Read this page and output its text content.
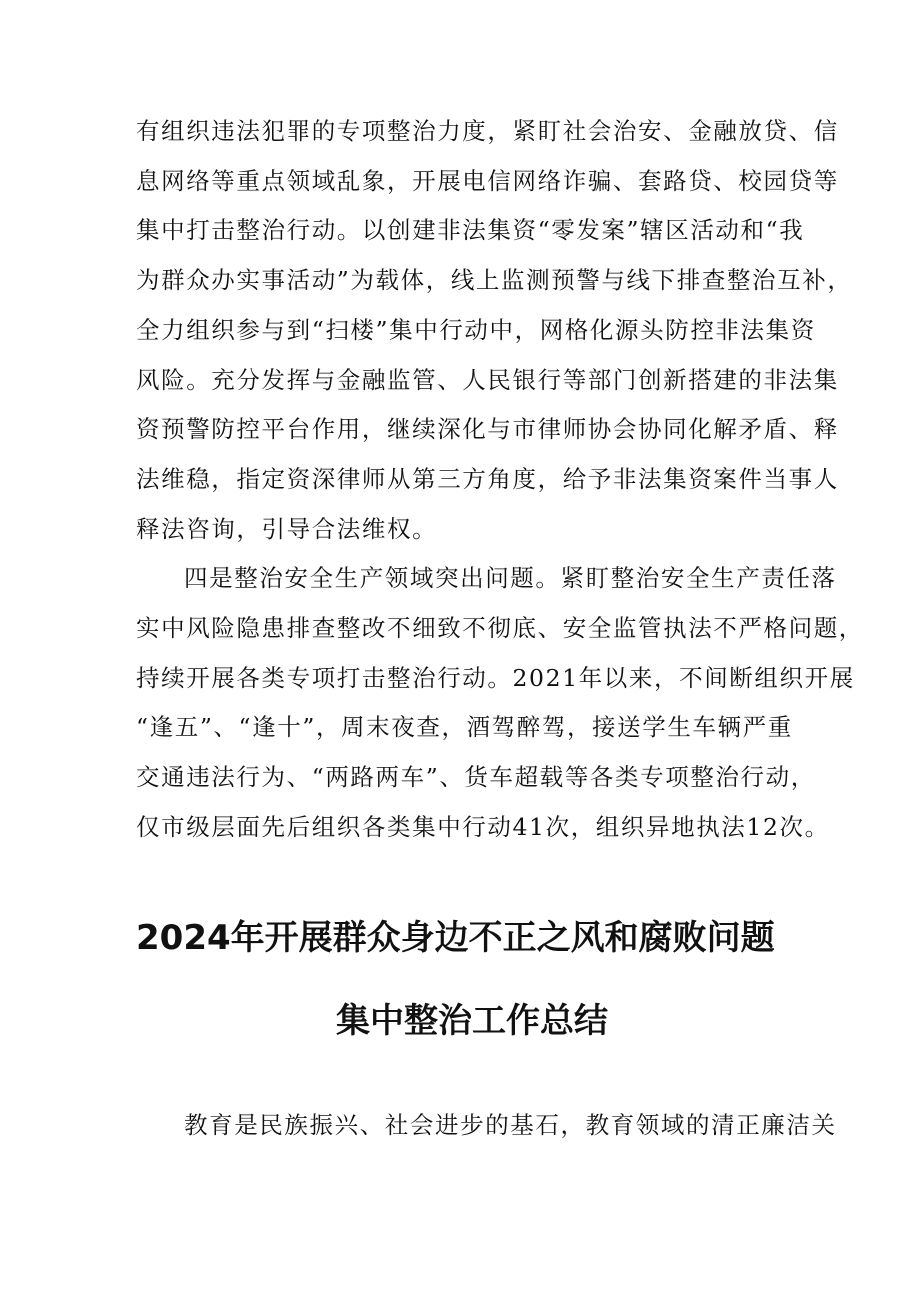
有组织违法犯罪的专项整治力度，紧盯社会治安、金融放贷、信
息网络等重点领域乱象，开展电信网络诈骗、套路贷、校园贷等
集中打击整治行动。以创建非法集资“零发案”辖区活动和“我
为群众办实事活动”为载体，线上监测预警与线下排查整治互补，
全力组织参与到“扫楼”集中行动中，网格化源头防控非法集资
风险。充分发挥与金融监管、人民银行等部门创新搭建的非法集
资预警防控平台作用，继续深化与市律师协会协同化解矛盾、释
法维稳，指定资深律师从第三方角度，给予非法集资案件当事人
释法咨询，引导合法维权。
四是整治安全生产领域突出问题。紧盯整治安全生产责任落
实中风险隐患排查整改不细致不彻底、安全监管执法不严格问题，
持续开展各类专项打击整治行动。2021年以来，不间断组织开展
“逢五”、“逢十”，周末夜查，酒驾醉驾，接送学生车辆严重
交通违法行为、“两路两车”、货车超载等各类专项整治行动，
仅市级层面先后组织各类集中行动41次，组织异地执法12次。
2024年开展群众身边不正之风和腐败问题
集中整治工作总结
教育是民族振兴、社会进步的基石，教育领域的清正廉洁关
